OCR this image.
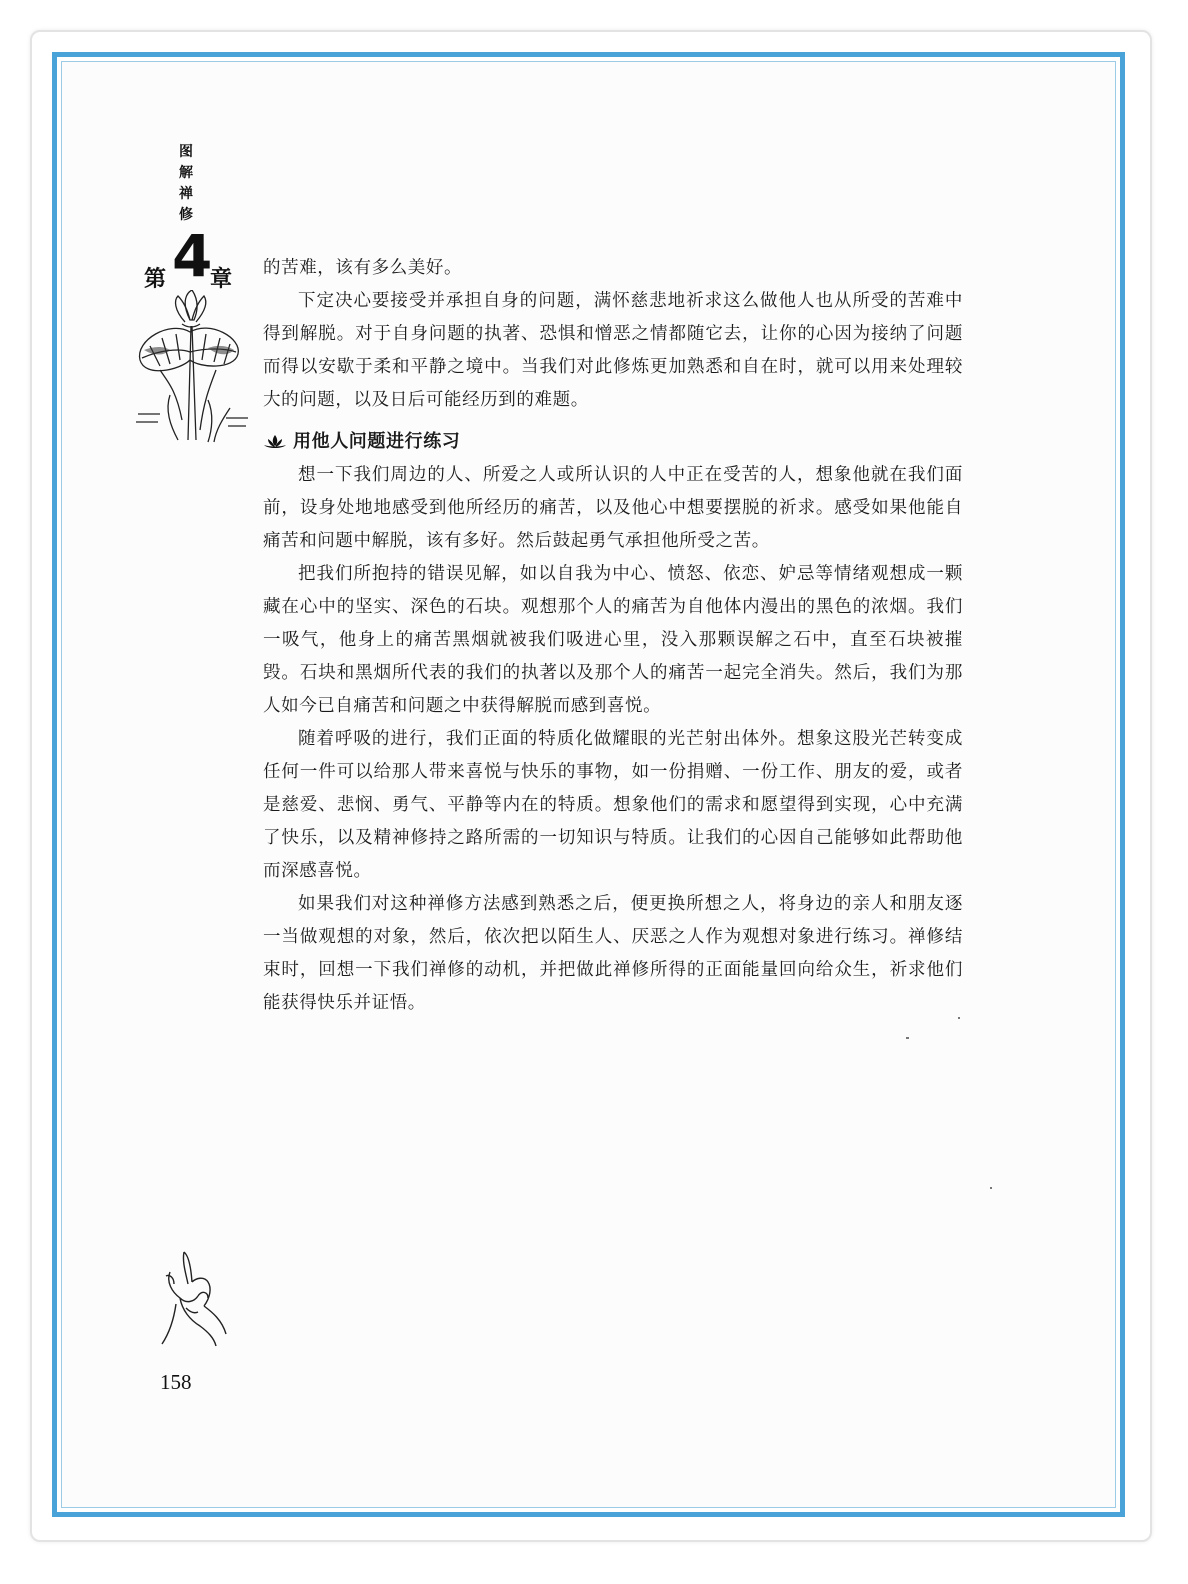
图
解
禅
修
第 4
章 的苦难，该有多么美好。

下定决心要接受并承担自身的问题，满怀慈悲地祈求这么做他人也从所受的苦难中得到解脱。对于自身问题的执著、恐惧和憎恶之情都随它去，让你的心因为接纳了问题而得以安歇于柔和平静之境中。当我们对此修炼更加熟悉和自在时，就可以用来处理较大的问题，以及日后可能经历到的难题。

用他人问题进行练习

想一下我们周边的人、所爱之人或所认识的人中正在受苦的人，想象他就在我们面前，设身处地地感受到他所经历的痛苦，以及他心中想要摆脱的祈求。感受如果他能自痛苦和问题中解脱，该有多好。然后鼓起勇气承担他所受之苦。

把我们所抱持的错误见解，如以自我为中心、愤怒、依恋、妒忌等情绪观想成一颗藏在心中的坚实、深色的石块。观想那个人的痛苦为自他体内漫出的黑色的浓烟。我们一吸气，他身上的痛苦黑烟就被我们吸进心里，没入那颗误解之石中，直至石块被摧毁。石块和黑烟所代表的我们的执著以及那个人的痛苦一起完全消失。然后，我们为那人如今已自痛苦和问题之中获得解脱而感到喜悦。

随着呼吸的进行，我们正面的特质化做耀眼的光芒射出体外。想象这股光芒转变成任何一件可以给那人带来喜悦与快乐的事物，如一份捐赠、一份工作、朋友的爱，或者是慈爱、悲悯、勇气、平静等内在的特质。想象他们的需求和愿望得到实现，心中充满了快乐，以及精神修持之路所需的一切知识与特质。让我们的心因自己能够如此帮助他而深感喜悦。

如果我们对这种禅修方法感到熟悉之后，便更换所想之人，将身边的亲人和朋友逐一当做观想的对象，然后，依次把以陌生人、厌恶之人作为观想对象进行练习。禅修结束时，回想一下我们禅修的动机，并把做此禅修所得的正面能量回向给众生，祈求他们能获得快乐并证悟。

158
